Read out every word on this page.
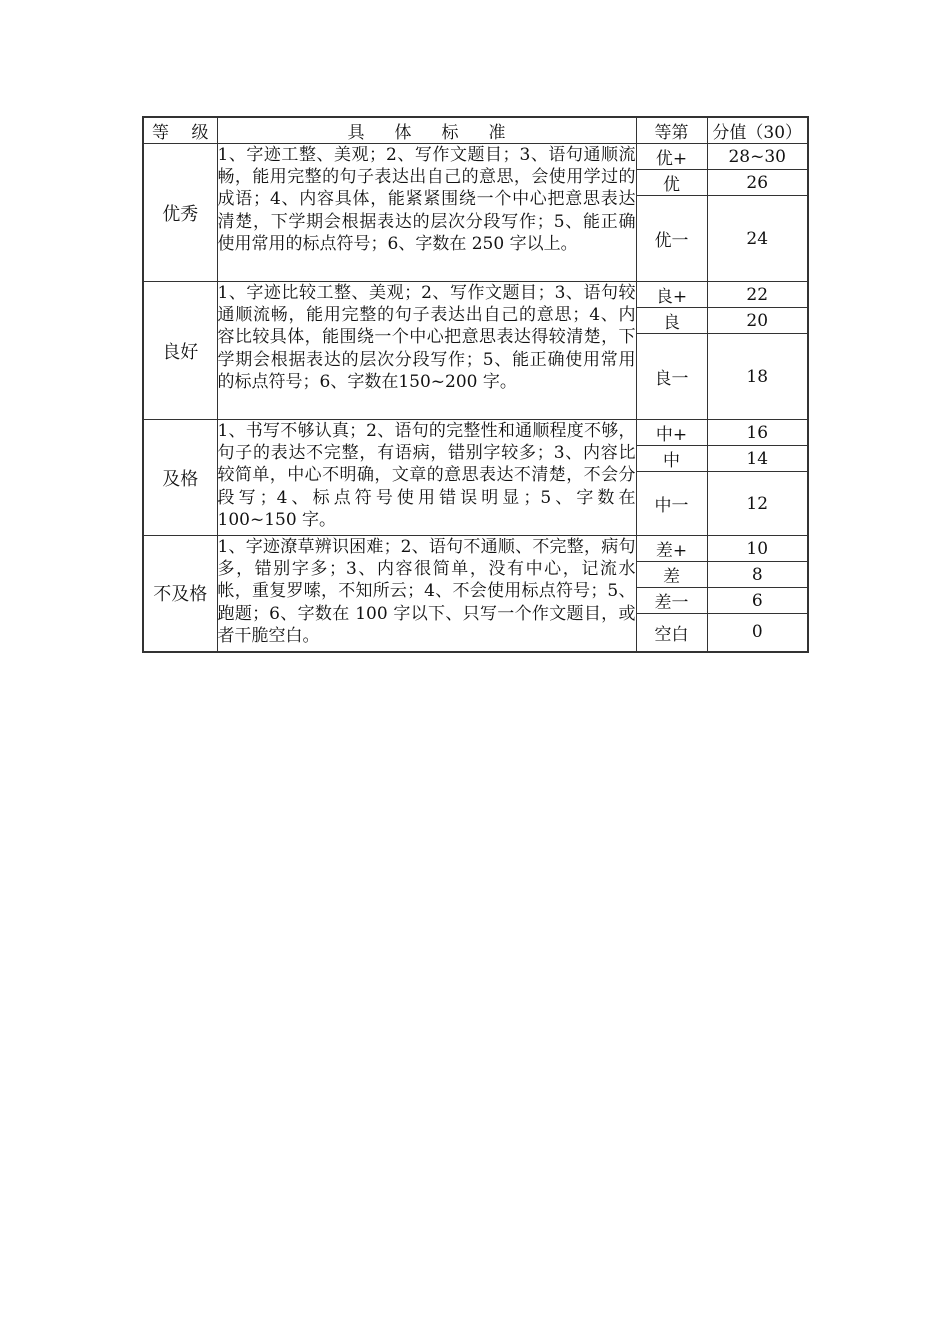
等 级	具 体 标 准	等第	分值（30）
优秀	1、字迹工整、美观；2、写作文题目；3、语句通顺流畅，能用完整的句子表达出自己的意思，会使用学过的成语；4、内容具体，能紧紧围绕一个中心把意思表达清楚，下学期会根据表达的层次分段写作；5、能正确使用常用的标点符号；6、字数在 250 字以上。	优+	28~30
		优	26
		优一	24
良好	1、字迹比较工整、美观；2、写作文题目；3、语句较通顺流畅，能用完整的句子表达出自己的意思；4、内容比较具体，能围绕一个中心把意思表达得较清楚，下学期会根据表达的层次分段写作；5、能正确使用常用的标点符号；6、字数在150~200 字。	良+	22
		良	20
		良一	18
及格	1、书写不够认真；2、语句的完整性和通顺程度不够，句子的表达不完整，有语病，错别字较多；3、内容比较简单，中心不明确，文章的意思表达不清楚，不会分段写；4、标点符号使用错误明显；5、字数在 100~150 字。	中+	16
		中	14
		中一	12
不及格	1、字迹潦草辨识困难；2、语句不通顺、不完整，病句多，错别字多；3、内容很简单，没有中心，记流水帐，重复罗嗦，不知所云；4、不会使用标点符号；5、跑题；6、字数在 100 字以下、只写一个作文题目，或者干脆空白。	差+	10
		差	8
		差一	6
		空白	0
